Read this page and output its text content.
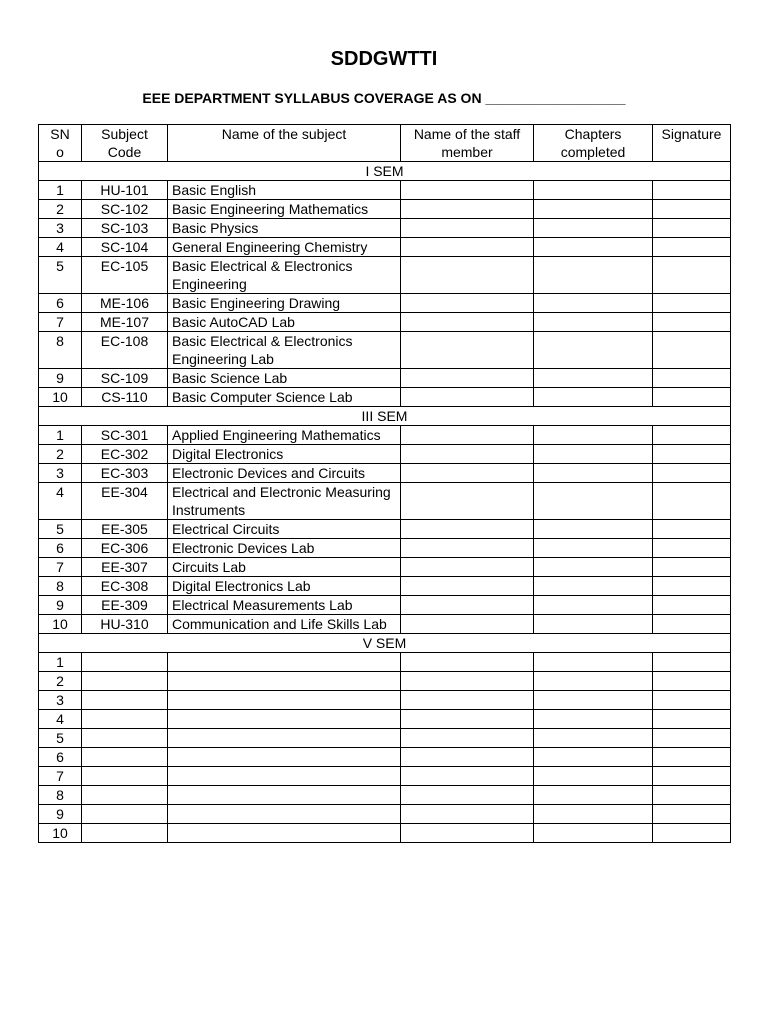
SDDGWTTI
EEE DEPARTMENT SYLLABUS COVERAGE AS ON __________________
SN
o	Subject Code	Name of the subject	Name of the staff member	Chapters completed	Signature
I SEM					
1	HU-101	Basic English			
2	SC-102	Basic Engineering Mathematics			
3	SC-103	Basic Physics			
4	SC-104	General Engineering Chemistry			
5	EC-105	Basic Electrical & Electronics Engineering			
6	ME-106	Basic Engineering Drawing			
7	ME-107	Basic AutoCAD Lab			
8	EC-108	Basic Electrical & Electronics Engineering Lab			
9	SC-109	Basic Science Lab			
10	CS-110	Basic Computer Science Lab			
III SEM					
1	SC-301	Applied Engineering Mathematics			
2	EC-302	Digital Electronics			
3	EC-303	Electronic Devices and Circuits			
4	EE-304	Electrical and Electronic Measuring Instruments			
5	EE-305	Electrical Circuits			
6	EC-306	Electronic Devices Lab			
7	EE-307	Circuits Lab			
8	EC-308	Digital Electronics Lab			
9	EE-309	Electrical Measurements Lab			
10	HU-310	Communication and Life Skills Lab			
V SEM					
1					
2					
3					
4					
5					
6					
7					
8					
9					
10					
